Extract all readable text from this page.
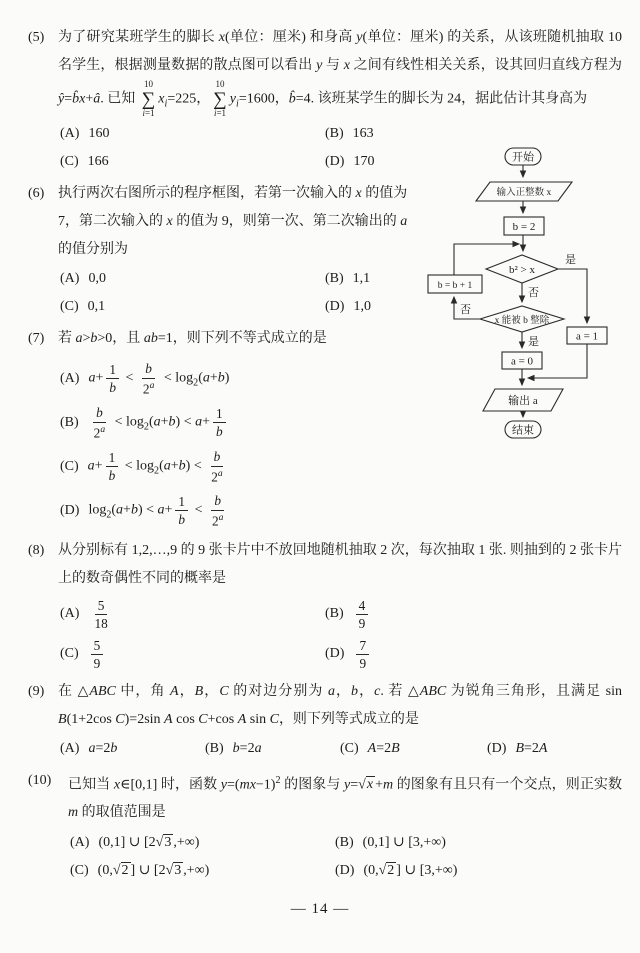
(5) 为了研究某班学生的脚长 x(单位：厘米) 和身高 y(单位：厘米) 的关系，从该班随机抽取 10 名学生，根据测量数据的散点图可以看出 y 与 x 之间有线性相关关系，设其回归直线方程为 ŷ=b̂x+â. 已知
10
∑
i=1
$x_i=225$，
10
∑
i=1
$y_i=1600$，b̂=4. 该班某学生的脚长为 24，据此估计其身高为
(A) 160	(B) 163
(C) 166	(D) 170
(6) 执行两次右图所示的程序框图，若第一次输入的 x 的值为 7，第二次输入的 x 的值为 9，则第一次、第二次输出的 a 的值分别为
(A) 0,0	(B) 1,1
(C) 0,1	(D) 1,0
(7) 若 a>b>0，且 ab=1，则下列不等式成立的是
(A) $a+ \frac{1}{b} < \frac{b}{2^a} < \log_2(a+b)$
$(B) \frac{b}{2^a} < \log_2(a+b) < a+ \frac{1}{b}$
(C) $a+ \frac{1}{b} < \log_2(a+b) < \frac{b}{2^a}$
(D) $\log_2(a+b) < a+ \frac{1}{b} < \frac{b}{2^a}$
(8) 从分别标有 1,2,…,9 的 9 张卡片中不放回地随机抽取 2 次，每次抽取 1 张. 则抽到的 2 张卡片上的数奇偶性不同的概率是
$(A) \frac{5}{18}$	$(B) \frac{4}{9}$
$(C) \frac{5}{9}$	$(D) \frac{7}{9}$
(9) 在 △ABC 中，角 A，B，C 的对边分别为 a，b，c. 若 △ABC 为锐角三角形，且满足 sin B(1+2cos C)=2sin A cos C+cos A sin C，则下列等式成立的是
(A) a=2b	(B) b=2a	(C) A=2B	(D) B=2A
(10) 已知当 x∈[0,1] 时，函数 $y=(mx-1)^2$ 的图象与 y=√x +m 的图象有且只有一个交点，则正实数 m 的取值范围是
(A) (0,1] ∪ [2√3 ,+∞)	(B) (0,1] ∪ [3,+∞)
(C) (0,√2 ] ∪ [2√3 ,+∞)	(D) (0,√2 ] ∪ [3,+∞)
开始
输入正整数 x
b = 2
b² > x
是
否
b = b + 1
x 能被 b 整除
否
是	a = 1
a = 0
输出 a
结束
— 14 —
